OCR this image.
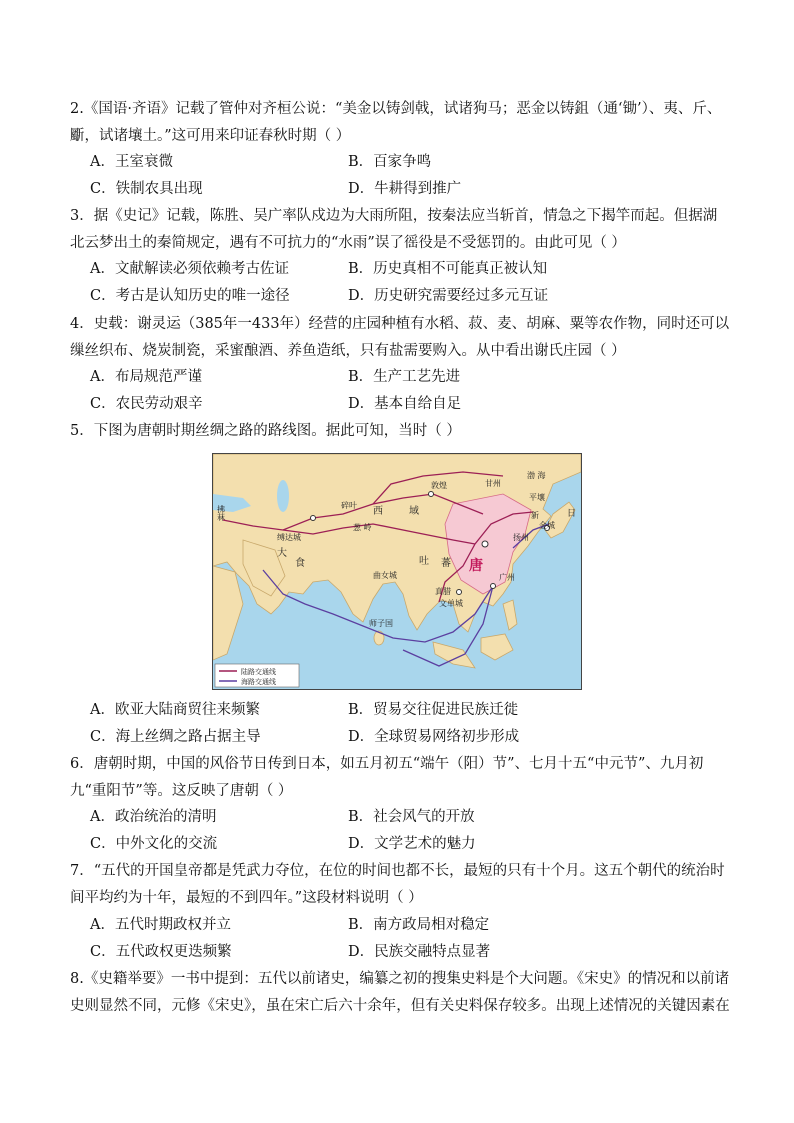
2.《国语·齐语》记载了管仲对齐桓公说：“美金以铸剑戟，试诸狗马；恶金以铸鉏（通‘锄’）、夷、斤、斸，试诸壤土。”这可用来印证春秋时期（ ）
A．王室衰微	B．百家争鸣
C．铁制农具出现	D．牛耕得到推广
3．据《史记》记载，陈胜、吴广率队戍边为大雨所阻，按秦法应当斩首，情急之下揭竿而起。但据湖北云梦出土的秦简规定，遇有不可抗力的“水雨”误了徭役是不受惩罚的。由此可见（ ）
A．文献解读必须依赖考古佐证	B．历史真相不可能真正被认知
C．考古是认知历史的唯一途径	D．历史研究需要经过多元互证
4．史载：谢灵运（385年一433年）经营的庄园种植有水稻、菽、麦、胡麻、粟等农作物，同时还可以缫丝织布、烧炭制瓷，采蜜酿酒、养鱼造纸，只有盐需要购入。从中看出谢氏庄园（ ）
A．布局规范严谨	B．生产工艺先进
C．农民劳动艰辛	D．基本自给自足
5．下图为唐朝时期丝绸之路的路线图。据此可知，当时（ ）
拂
菻
缚达城
大
食
碎叶
葱 岭
西	域
敦煌
吐 蕃
曲女城
唐
甘州
渤 海
平壤
新
金城
扬州
日
广州
真腊
文单城
师子国
陆路交通线
海路交通线
A．欧亚大陆商贸往来频繁	B．贸易交往促进民族迁徙
C．海上丝绸之路占据主导	D．全球贸易网络初步形成
6．唐朝时期，中国的风俗节日传到日本，如五月初五“端午（阳）节”、七月十五“中元节”、九月初九“重阳节”等。这反映了唐朝（ ）
A．政治统治的清明	B．社会风气的开放
C．中外文化的交流	D．文学艺术的魅力
7．“五代的开国皇帝都是凭武力夺位，在位的时间也都不长，最短的只有十个月。这五个朝代的统治时间平均约为十年，最短的不到四年。”这段材料说明（ ）
A．五代时期政权并立	B．南方政局相对稳定
C．五代政权更迭频繁	D．民族交融特点显著
8.《史籍举要》一书中提到：五代以前诸史，编纂之初的搜集史料是个大问题。《宋史》的情况和以前诸史则显然不同，元修《宋史》，虽在宋亡后六十余年，但有关史料保存较多。出现上述情况的关键因素在
